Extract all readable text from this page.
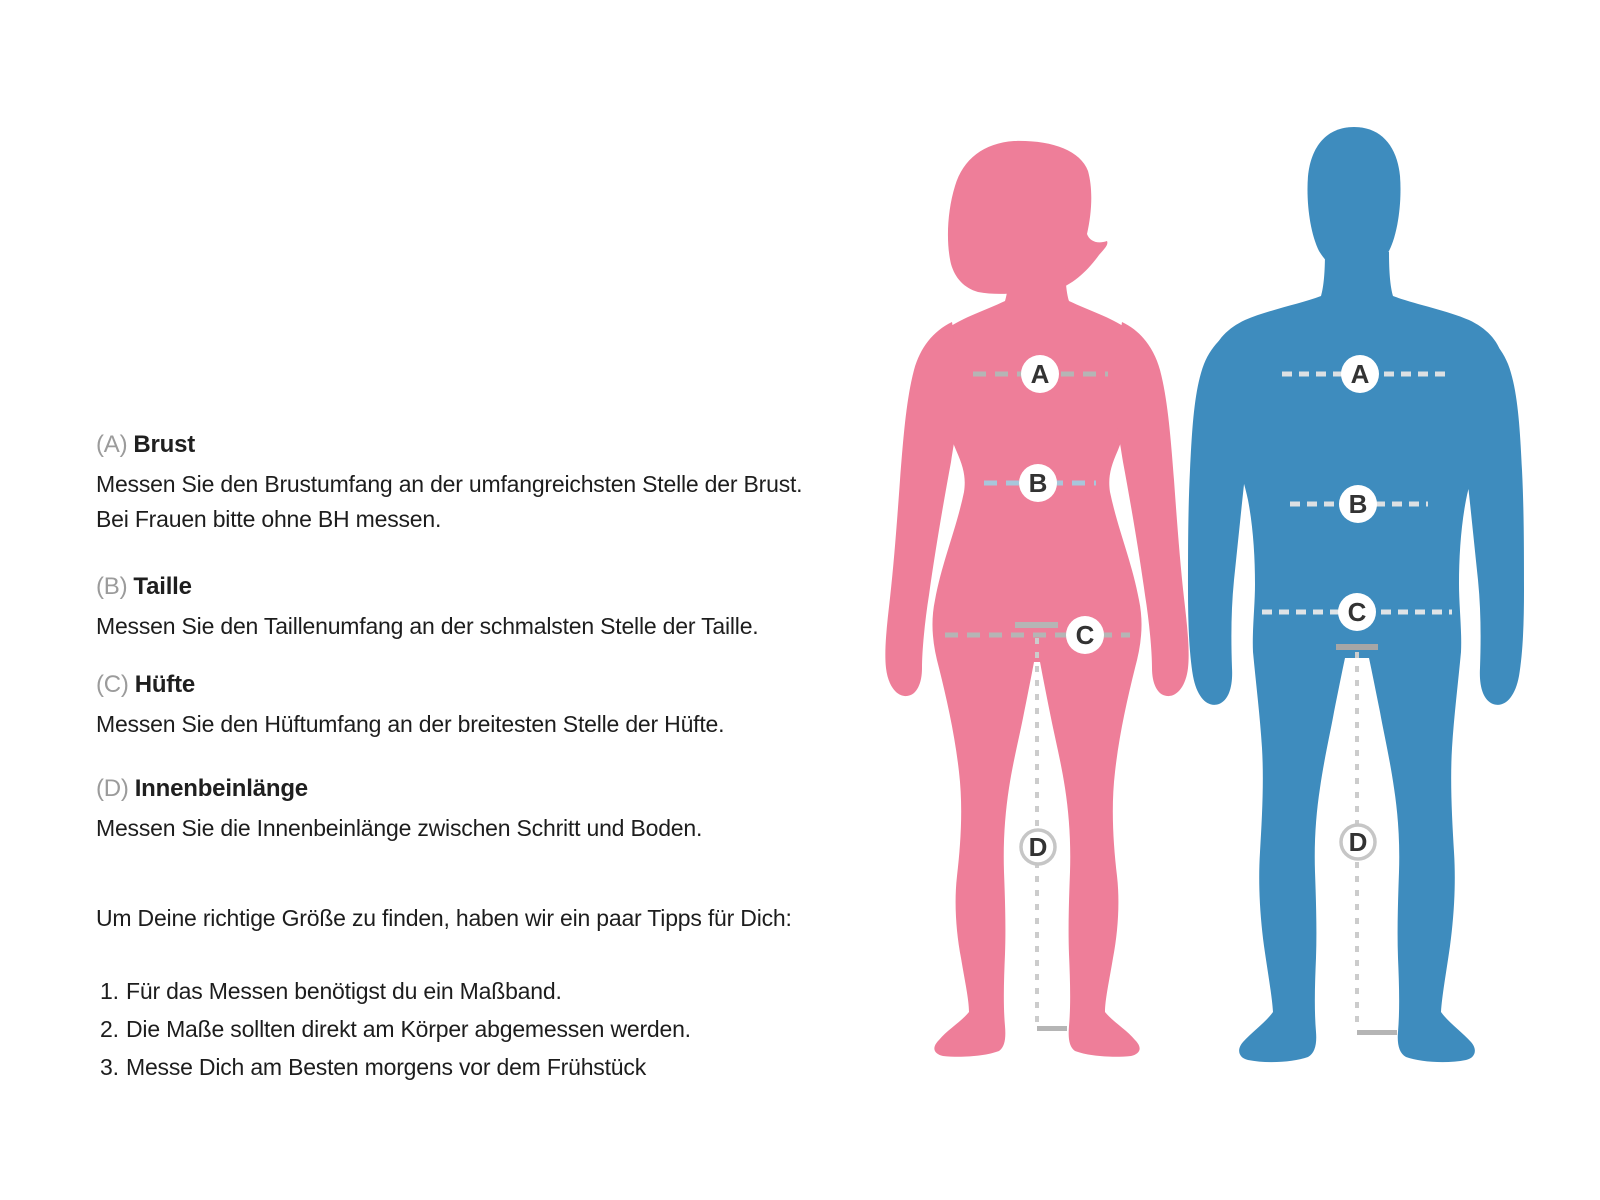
(A) Brust
Messen Sie den Brustumfang an der umfangreichsten Stelle der Brust.
Bei Frauen bitte ohne BH messen.
(B) Taille
Messen Sie den Taillenumfang an der schmalsten Stelle der Taille.
(C) Hüfte
Messen Sie den Hüftumfang an der breitesten Stelle der Hüfte.
(D) Innenbeinlänge
Messen Sie die Innenbeinlänge zwischen Schritt und Boden.
Um Deine richtige Größe zu finden, haben wir ein paar Tipps für Dich:
1. Für das Messen benötigst du ein Maßband.
2. Die Maße sollten direkt am Körper abgemessen werden.
3. Messe Dich am Besten morgens vor dem Frühstück
A
B
C
D
A
B
C
D
